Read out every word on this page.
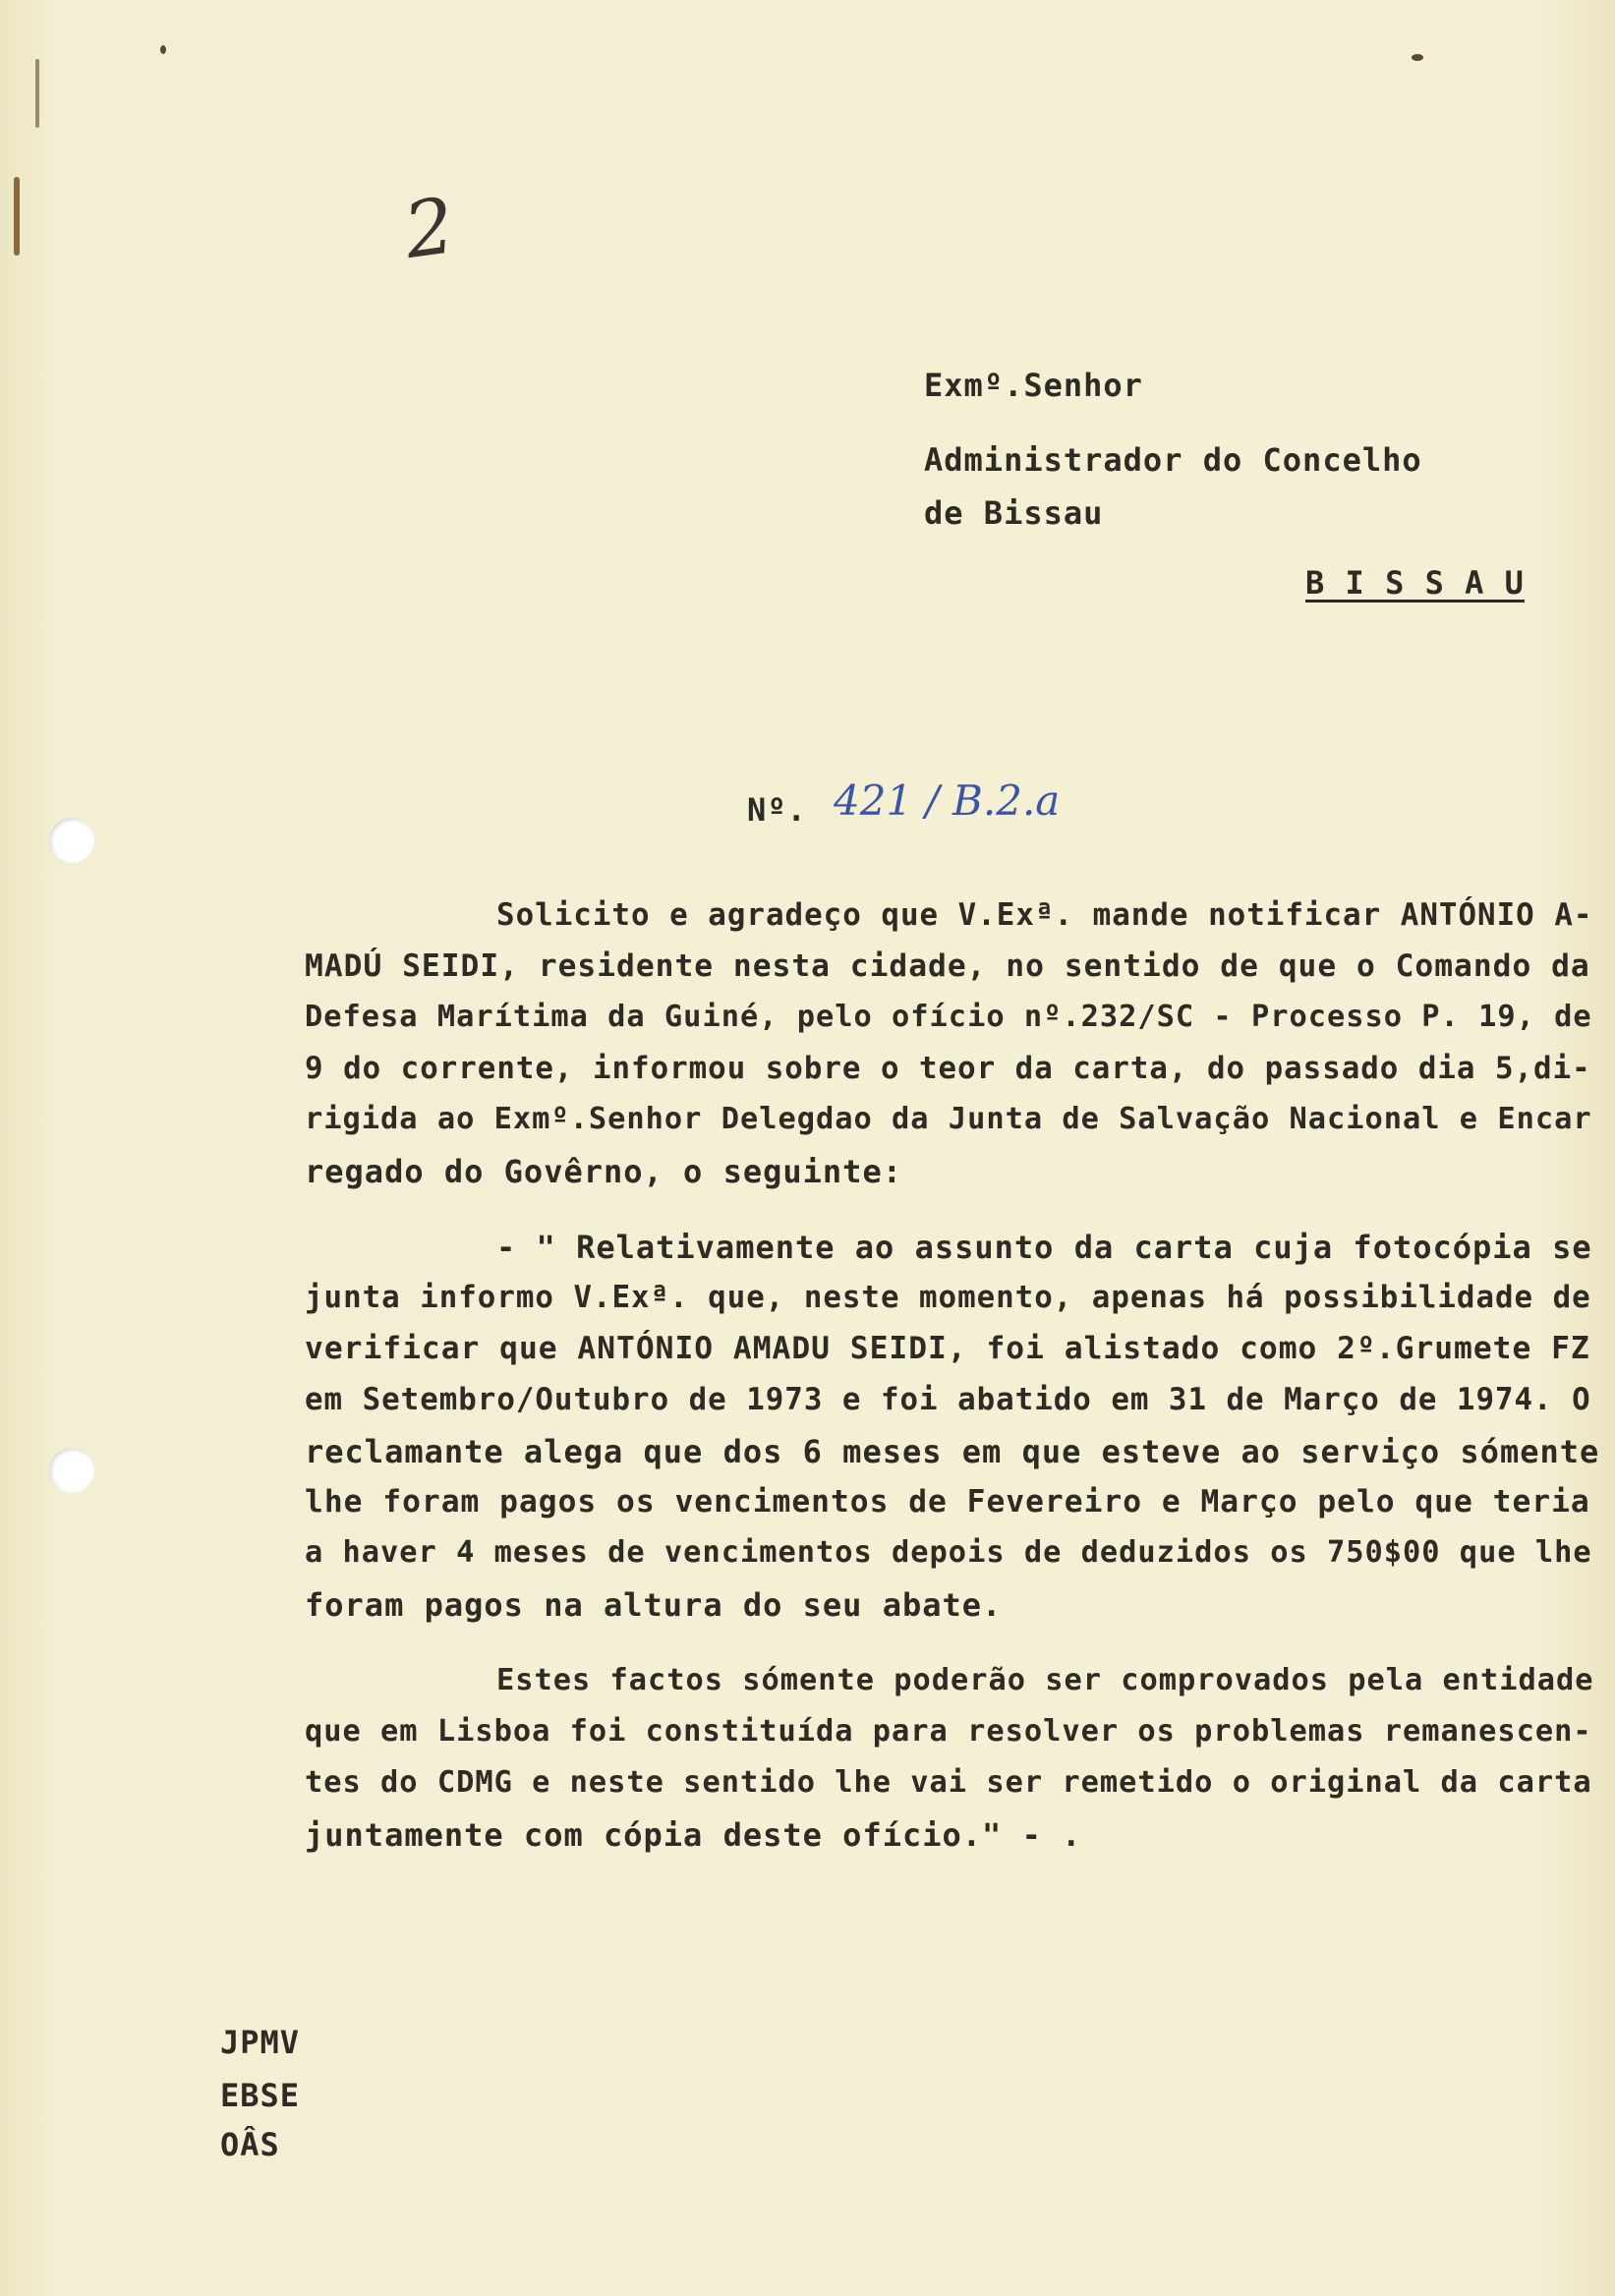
2
Exmº.Senhor
Administrador do Concelho
de Bissau
B I S S A U
Nº. 421 / B.2.a
Solicito e agradeço que V.Exª. mande notificar ANTÓNIO A-
MADÚ SEIDI, residente nesta cidade, no sentido de que o Comando da
Defesa Marítima da Guiné, pelo ofício nº.232/SC - Processo P. 19, de
9 do corrente, informou sobre o teor da carta, do passado dia 5,di-
rigida ao Exmº.Senhor Delegdao da Junta de Salvação Nacional e Encar
regado do Govêrno, o seguinte:
- " Relativamente ao assunto da carta cuja fotocópia se
junta informo V.Exª. que, neste momento, apenas há possibilidade de
verificar que ANTÓNIO AMADU SEIDI, foi alistado como 2º.Grumete FZ
em Setembro/Outubro de 1973 e foi abatido em 31 de Março de 1974. O
reclamante alega que dos 6 meses em que esteve ao serviço sómente
lhe foram pagos os vencimentos de Fevereiro e Março pelo que teria
a haver 4 meses de vencimentos depois de deduzidos os 750$00 que lhe
foram pagos na altura do seu abate.
Estes factos sómente poderão ser comprovados pela entidade
que em Lisboa foi constituída para resolver os problemas remanescen-
tes do CDMG e neste sentido lhe vai ser remetido o original da carta
juntamente com cópia deste ofício." - .
JPMV
EBSE
OÂS
